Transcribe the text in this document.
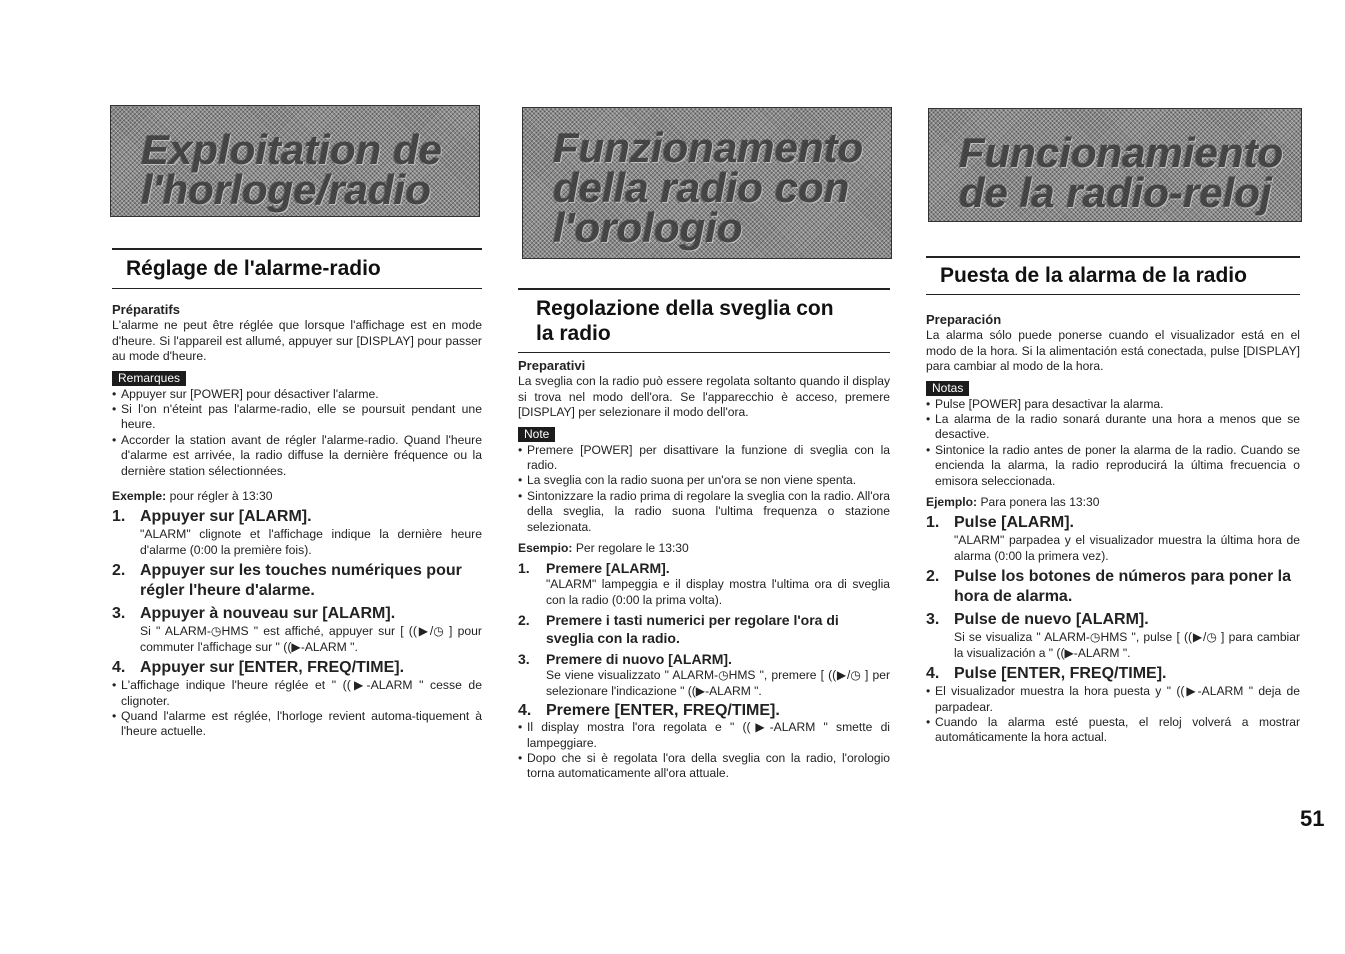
Exploitation de
l'horloge/radio
Réglage de l'alarme-radio

Préparatifs

L'alarme ne peut être réglée que lorsque l'affichage est en mode d'heure. Si l'appareil est allumé, appuyer sur [DISPLAY] pour passer au mode d'heure.

Remarques
• Appuyer sur [POWER] pour désactiver l'alarme.
• Si l'on n'éteint pas l'alarme-radio, elle se poursuit pendant une heure.
• Accorder la station avant de régler l'alarme-radio. Quand l'heure d'alarme est arrivée, la radio diffuse la dernière fréquence ou la dernière station sélectionnées.
Exemple: pour régler à 13:30
1. Appuyer sur [ALARM].
"ALARM" clignote et l'affichage indique la dernière heure d'alarme (0:00 la première fois).
2. Appuyer sur les touches numériques pour régler l'heure d'alarme.
3. Appuyer à nouveau sur [ALARM].
Si " ALARM-◷HMS " est affiché, appuyer sur [ ((▶/◷ ] pour commuter l'affichage sur " ((▶-ALARM ".
4. Appuyer sur [ENTER, FREQ/TIME].
• L'affichage indique l'heure réglée et " ((▶-ALARM " cesse de clignoter.
• Quand l'alarme est réglée, l'horloge revient automa-tiquement à l'heure actuelle.
Funzionamento
della radio con
l'orologio
Regolazione della sveglia con la radio

Preparativi

La sveglia con la radio può essere regolata soltanto quando il display si trova nel modo dell'ora. Se l'apparecchio è acceso, premere [DISPLAY] per selezionare il modo dell'ora.

Note
• Premere [POWER] per disattivare la funzione di sveglia con la radio.
• La sveglia con la radio suona per un'ora se non viene spenta.
• Sintonizzare la radio prima di regolare la sveglia con la radio. All'ora della sveglia, la radio suona l'ultima frequenza o stazione selezionata.
Esempio: Per regolare le 13:30
1. Premere [ALARM].
"ALARM" lampeggia e il display mostra l'ultima ora di sveglia con la radio (0:00 la prima volta).
2. Premere i tasti numerici per regolare l'ora di sveglia con la radio.
3. Premere di nuovo [ALARM].
Se viene visualizzato " ALARM-◷HMS ", premere [ ((▶/◷ ] per selezionare l'indicazione " ((▶-ALARM ".
4. Premere [ENTER, FREQ/TIME].
• Il display mostra l'ora regolata e " ((▶-ALARM " smette di lampeggiare.
• Dopo che si è regolata l'ora della sveglia con la radio, l'orologio torna automaticamente all'ora attuale.
Funcionamiento
de la radio-reloj
Puesta de la alarma de la radio

Preparación

La alarma sólo puede ponerse cuando el visualizador está en el modo de la hora. Si la alimentación está conectada, pulse [DISPLAY] para cambiar al modo de la hora.

Notas
• Pulse [POWER] para desactivar la alarma.
• La alarma de la radio sonará durante una hora a menos que se desactive.
• Sintonice la radio antes de poner la alarma de la radio. Cuando se encienda la alarma, la radio reproducirá la última frecuencia o emisora seleccionada.
Ejemplo: Para ponera las 13:30
1. Pulse [ALARM].
"ALARM" parpadea y el visualizador muestra la última hora de alarma (0:00 la primera vez).
2. Pulse los botones de números para poner la hora de alarma.
3. Pulse de nuevo [ALARM].
Si se visualiza " ALARM-◷HMS ", pulse [ ((▶/◷ ] para cambiar la visualización a " ((▶-ALARM ".
4. Pulse [ENTER, FREQ/TIME].
• El visualizador muestra la hora puesta y " ((▶-ALARM " deja de parpadear.
• Cuando la alarma esté puesta, el reloj volverá a mostrar automáticamente la hora actual.

51
